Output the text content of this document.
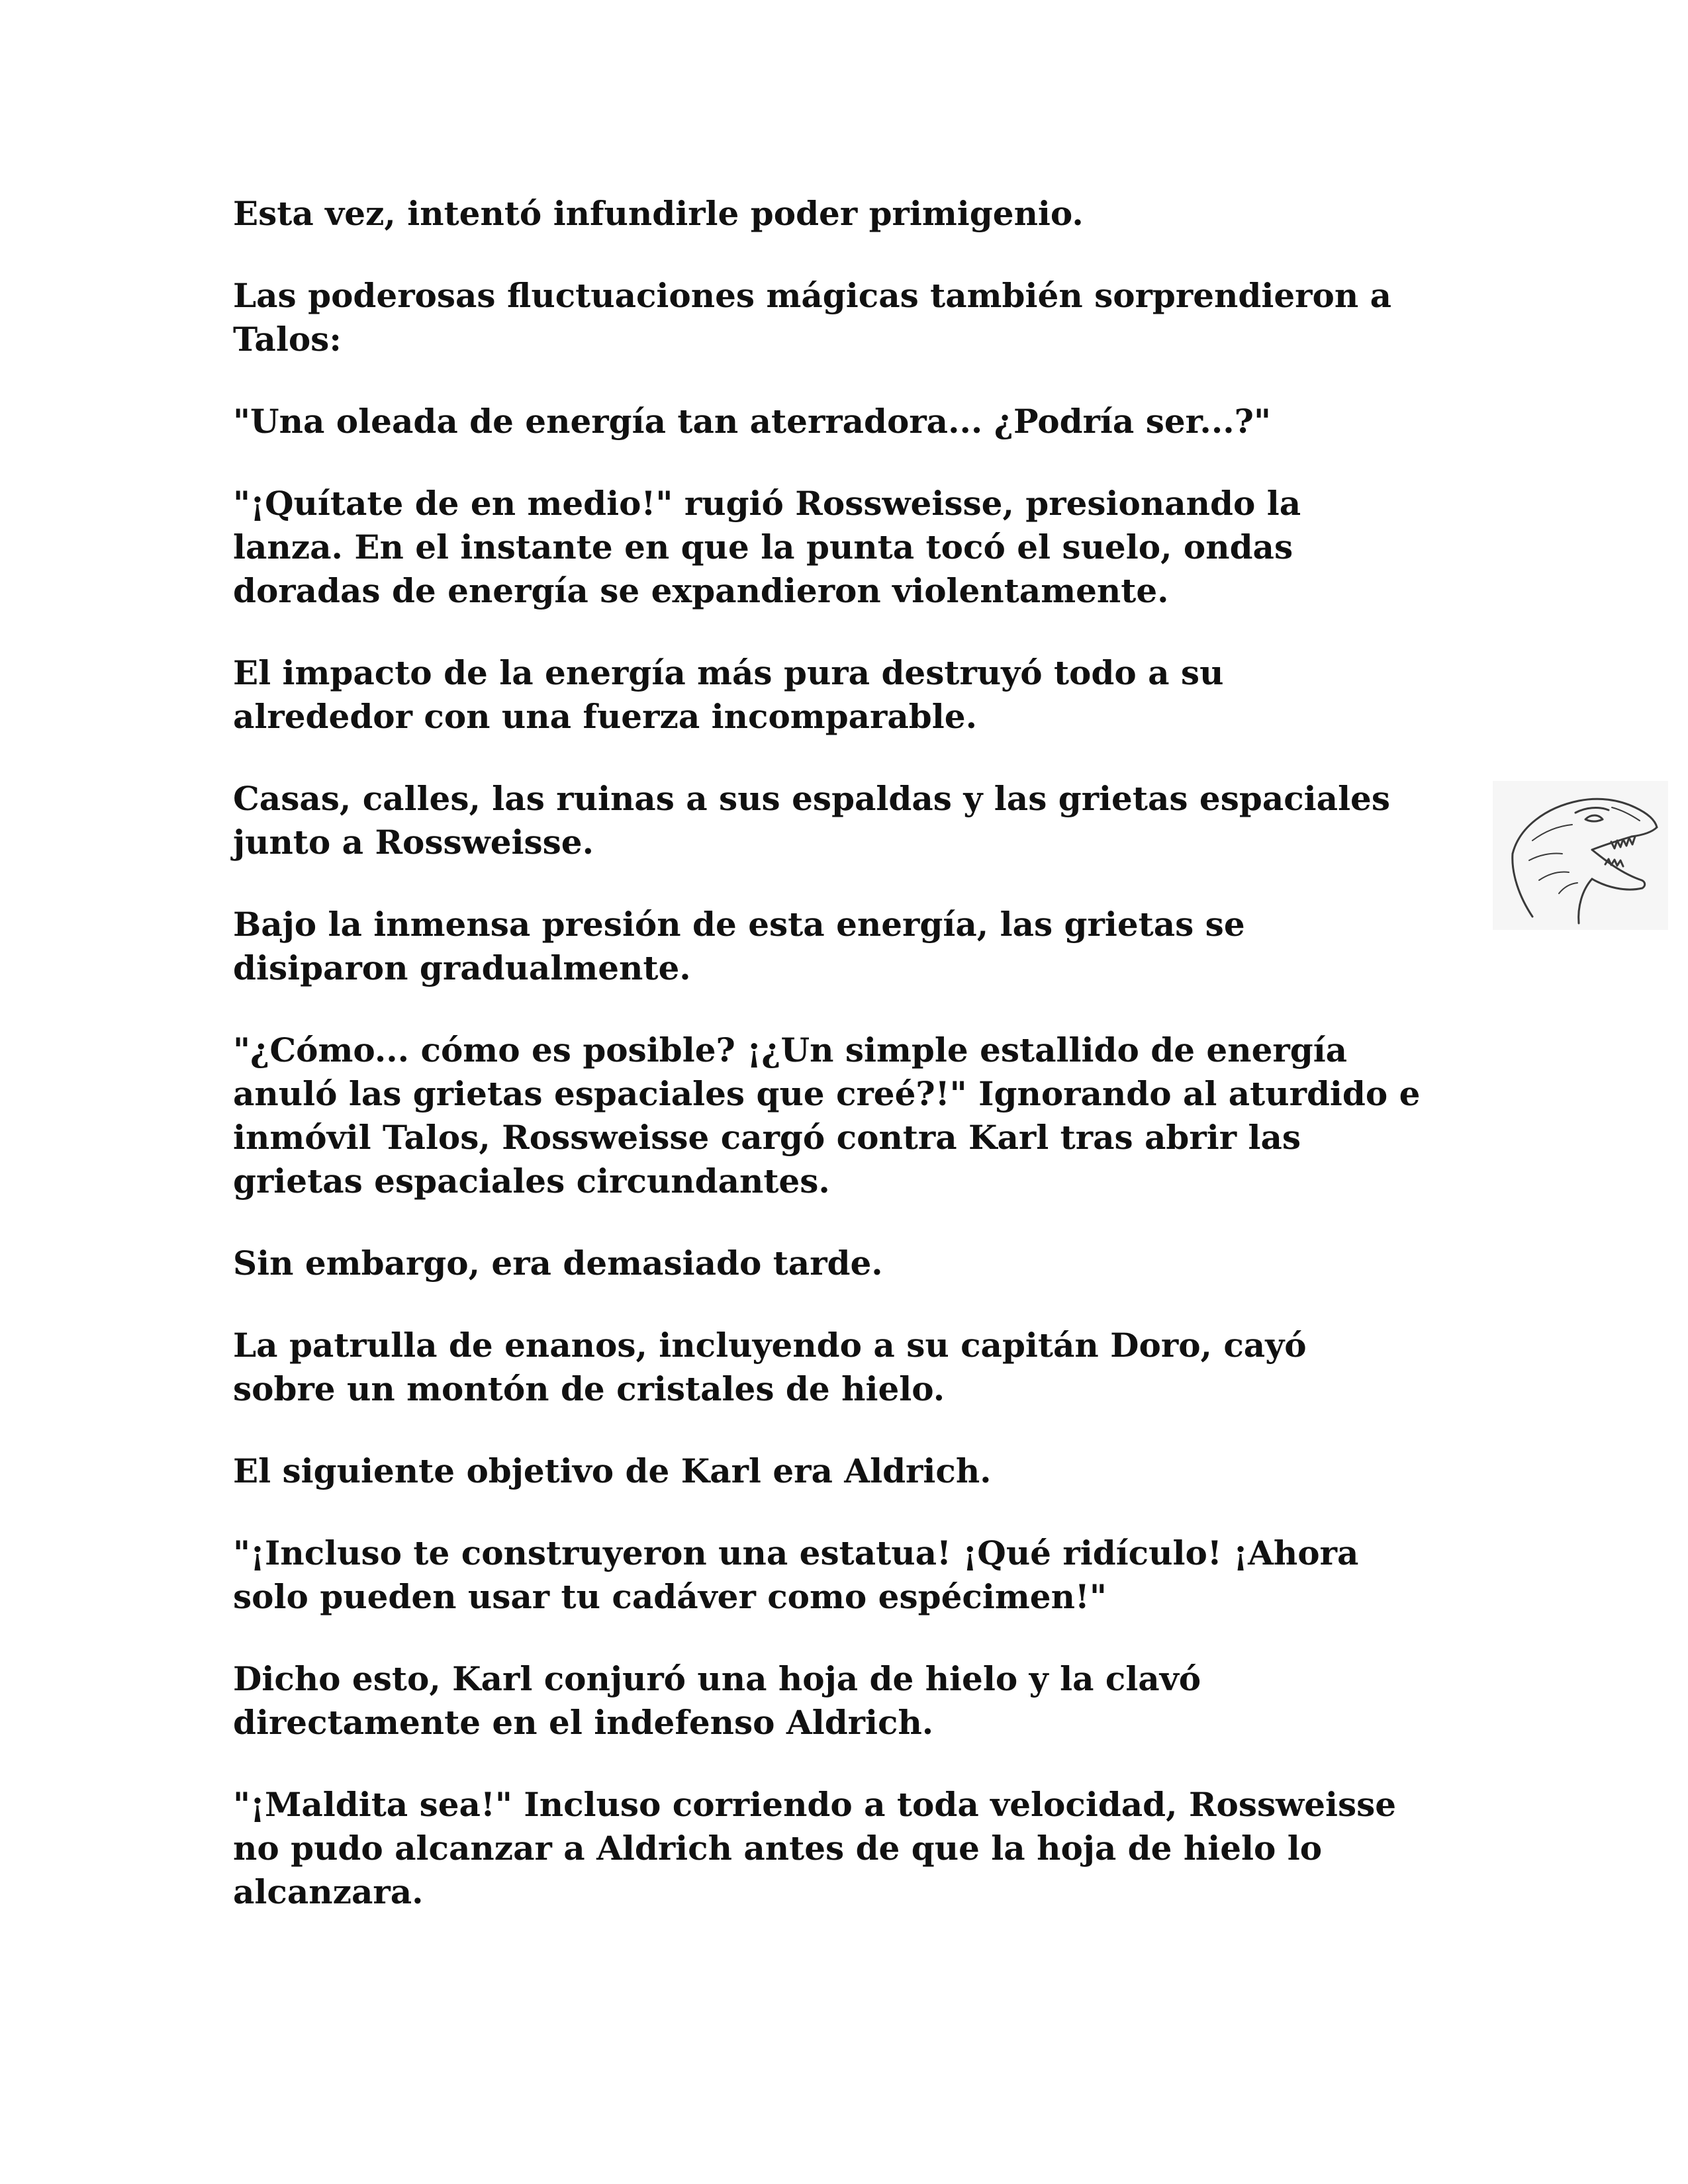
Esta vez, intentó infundirle poder primigenio.

Las poderosas fluctuaciones mágicas también sorprendieron a
Talos:

"Una oleada de energía tan aterradora... ¿Podría ser...?"

"¡Quítate de en medio!" rugió Rossweisse, presionando la
lanza. En el instante en que la punta tocó el suelo, ondas
doradas de energía se expandieron violentamente.

El impacto de la energía más pura destruyó todo a su
alrededor con una fuerza incomparable.

Casas, calles, las ruinas a sus espaldas y las grietas espaciales
junto a Rossweisse.

Bajo la inmensa presión de esta energía, las grietas se
disiparon gradualmente.

"¿Cómo... cómo es posible? ¡¿Un simple estallido de energía
anuló las grietas espaciales que creé?!" Ignorando al aturdido e
inmóvil Talos, Rossweisse cargó contra Karl tras abrir las
grietas espaciales circundantes.

Sin embargo, era demasiado tarde.

La patrulla de enanos, incluyendo a su capitán Doro, cayó
sobre un montón de cristales de hielo.

El siguiente objetivo de Karl era Aldrich.

"¡Incluso te construyeron una estatua! ¡Qué ridículo! ¡Ahora
solo pueden usar tu cadáver como espécimen!"

Dicho esto, Karl conjuró una hoja de hielo y la clavó
directamente en el indefenso Aldrich.

"¡Maldita sea!" Incluso corriendo a toda velocidad, Rossweisse
no pudo alcanzar a Aldrich antes de que la hoja de hielo lo
alcanzara.
